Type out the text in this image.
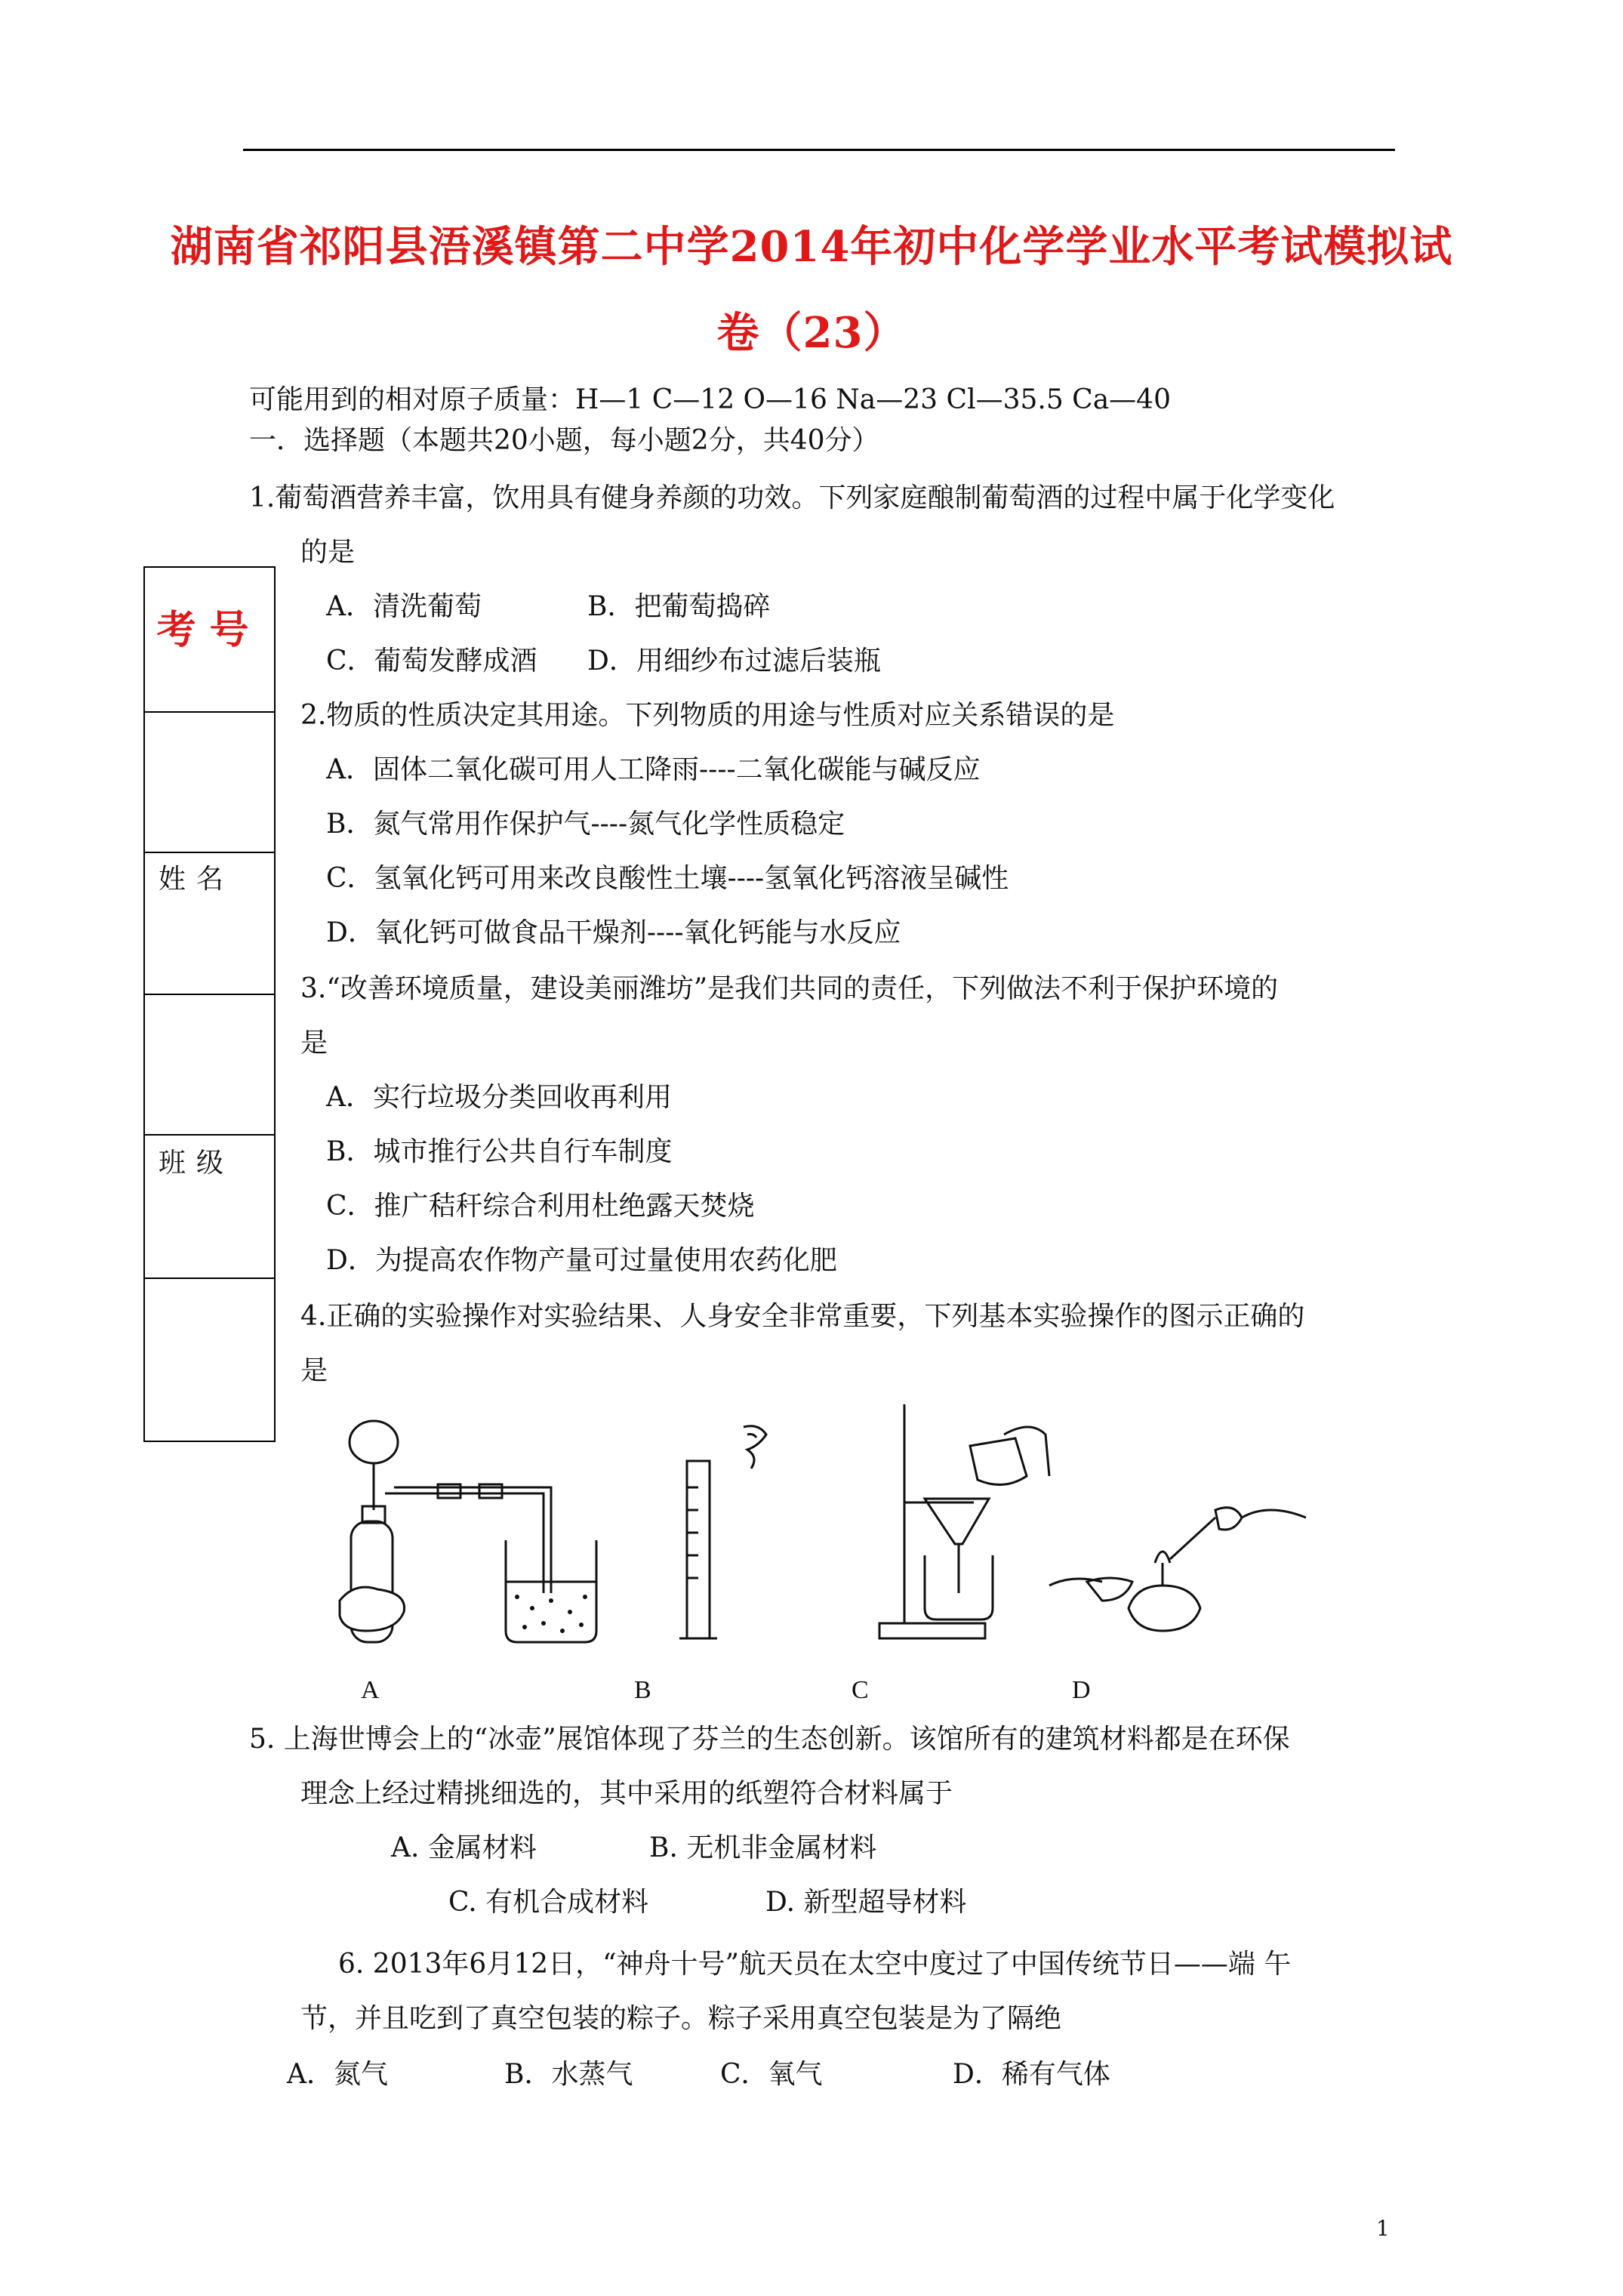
湖南省祁阳县浯溪镇第二中学2014年初中化学学业水平考试模拟试
卷（23）
可能用到的相对原子质量：H—1 C—12 O—16 Na—23 Cl—35.5 Ca—40
一．选择题（本题共20小题，每小题2分，共40分）
1.葡萄酒营养丰富，饮用具有健身养颜的功效。下列家庭酿制葡萄酒的过程中属于化学变化
的是
A．清洗葡萄	B．把葡萄捣碎
C．葡萄发酵成酒 D．用细纱布过滤后装瓶
2.物质的性质决定其用途。下列物质的用途与性质对应关系错误的是
A．固体二氧化碳可用人工降雨----二氧化碳能与碱反应
B．氮气常用作保护气----氮气化学性质稳定
C．氢氧化钙可用来改良酸性土壤----氢氧化钙溶液呈碱性
D．氧化钙可做食品干燥剂----氧化钙能与水反应
3.“改善环境质量，建设美丽潍坊”是我们共同的责任，下列做法不利于保护环境的
是
A．实行垃圾分类回收再利用
B．城市推行公共自行车制度
C．推广秸秆综合利用杜绝露天焚烧
D．为提高农作物产量可过量使用农药化肥
4.正确的实验操作对实验结果、人身安全非常重要，下列基本实验操作的图示正确的
是
考号
姓名
班级
A	B	C	D
5. 上海世博会上的“冰壶”展馆体现了芬兰的生态创新。该馆所有的建筑材料都是在环保
理念上经过精挑细选的，其中采用的纸塑符合材料属于
A. 金属材料	B. 无机非金属材料
C. 有机合成材料	D. 新型超导材料
6. 2013年6月12日，“神舟十号”航天员在太空中度过了中国传统节日——端 午
节，并且吃到了真空包装的粽子。粽子采用真空包装是为了隔绝
A．氮气	B．水蒸气	C．氧气	D．稀有气体
1
